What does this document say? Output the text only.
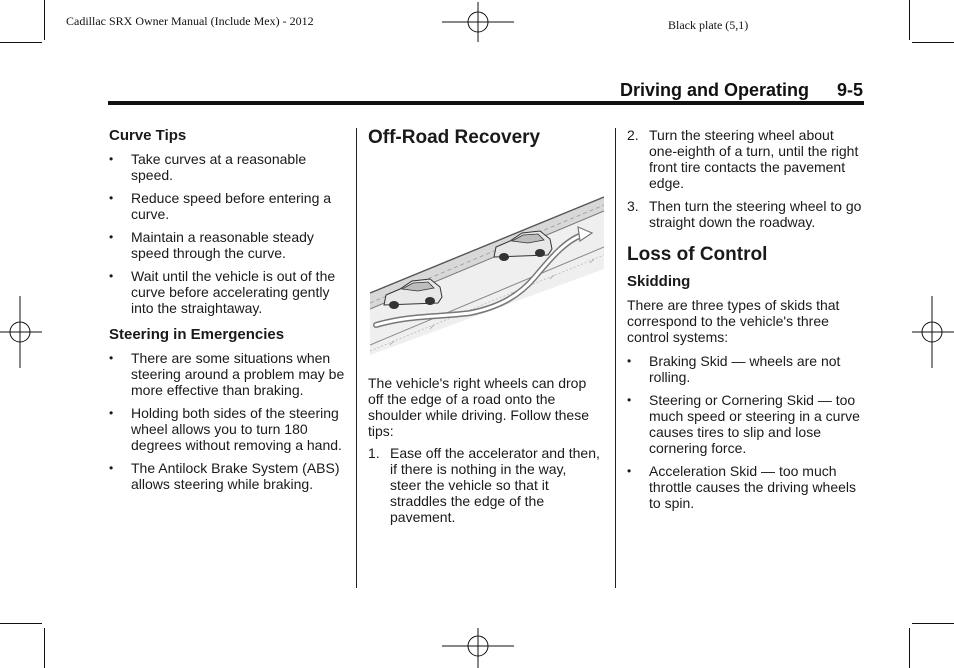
Cadillac SRX Owner Manual (Include Mex) - 2012	Black plate (5,1)
Driving and Operating 9-5
Curve Tips
• Take curves at a reasonable speed.
• Reduce speed before entering a curve.
• Maintain a reasonable steady speed through the curve.
• Wait until the vehicle is out of the curve before accelerating gently into the straightaway.
Steering in Emergencies
• There are some situations when steering around a problem may be more effective than braking.
• Holding both sides of the steering wheel allows you to turn 180 degrees without removing a hand.
• The Antilock Brake System (ABS) allows steering while braking.
Off-Road Recovery

The vehicle's right wheels can drop off the edge of a road onto the shoulder while driving. Follow these tips:

1. Ease off the accelerator and then, if there is nothing in the way, steer the vehicle so that it straddles the edge of the pavement.
2. Turn the steering wheel about one-eighth of a turn, until the right front tire contacts the pavement edge.
3. Then turn the steering wheel to go straight down the roadway.
Loss of Control
Skidding

There are three types of skids that correspond to the vehicle's three control systems:

• Braking Skid — wheels are not rolling.
• Steering or Cornering Skid — too much speed or steering in a curve causes tires to slip and lose cornering force.
• Acceleration Skid — too much throttle causes the driving wheels to spin.
